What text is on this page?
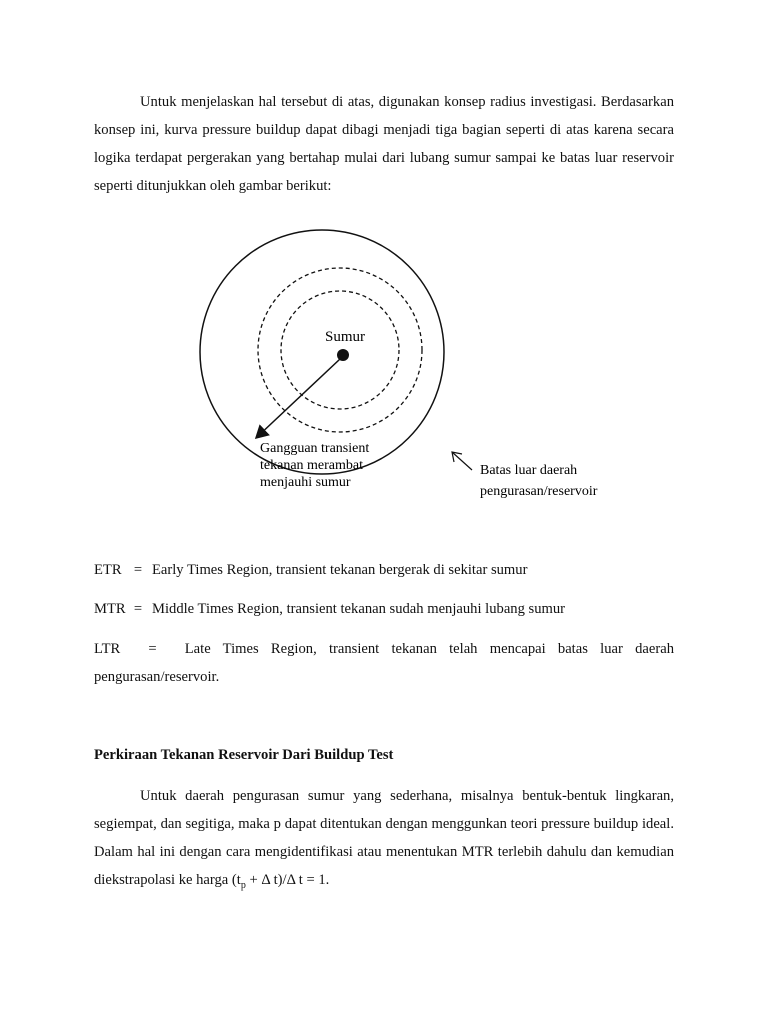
Untuk menjelaskan hal tersebut di atas, digunakan konsep radius investigasi. Berdasarkan konsep ini, kurva pressure buildup dapat dibagi menjadi tiga bagian seperti di atas karena secara logika terdapat pergerakan yang bertahap mulai dari lubang sumur sampai ke batas luar reservoir seperti ditunjukkan oleh gambar berikut:

Sumur
Gangguan transient
tekanan merambat
menjauhi sumur
Batas luar daerah
pengurasan/reservoir
ETR = Early Times Region, transient tekanan bergerak di sekitar sumur
MTR = Middle Times Region, transient tekanan sudah menjauhi lubang sumur
LTR = Late Times Region, transient tekanan telah mencapai batas luar daerah pengurasan/reservoir.
Perkiraan Tekanan Reservoir Dari Buildup Test

Untuk daerah pengurasan sumur yang sederhana, misalnya bentuk-bentuk lingkaran, segiempat, dan segitiga, maka p dapat ditentukan dengan menggunkan teori pressure buildup ideal. Dalam hal ini dengan cara mengidentifikasi atau menentukan MTR terlebih dahulu dan kemudian diekstrapolasi ke harga ($t_p + \Delta$ t)/Δ t = 1.
